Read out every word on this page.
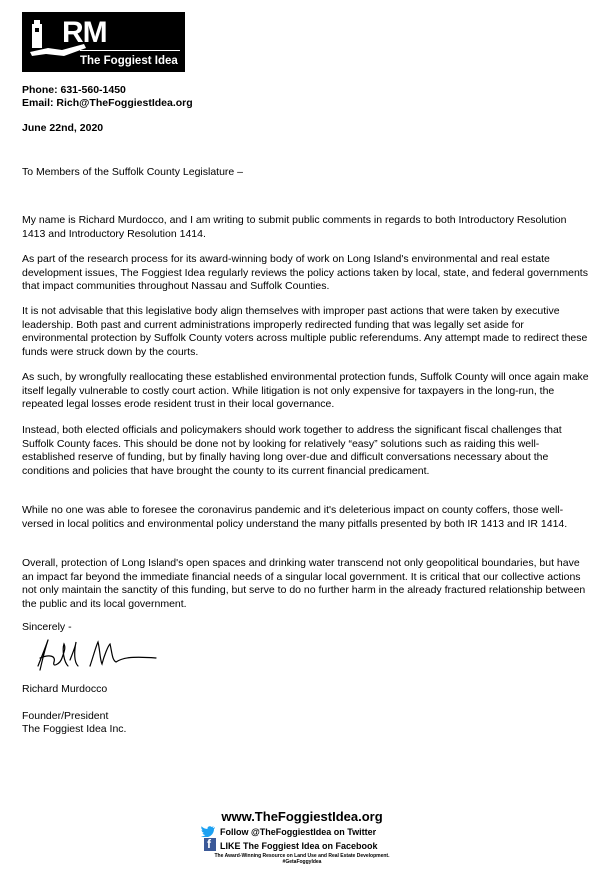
RM
The Foggiest Idea
Phone: 631-560-1450
Email: Rich@TheFoggiestIdea.org
June 22nd, 2020
To Members of the Suffolk County Legislature –
My name is Richard Murdocco, and I am writing to submit public comments in regards to both Introductory Resolution 1413 and Introductory Resolution 1414.
As part of the research process for its award-winning body of work on Long Island's environmental and real estate development issues, The Foggiest Idea regularly reviews the policy actions taken by local, state, and federal governments that impact communities throughout Nassau and Suffolk Counties.
It is not advisable that this legislative body align themselves with improper past actions that were taken by executive leadership. Both past and current administrations improperly redirected funding that was legally set aside for environmental protection by Suffolk County voters across multiple public referendums. Any attempt made to redirect these funds were struck down by the courts.
As such, by wrongfully reallocating these established environmental protection funds, Suffolk County will once again make itself legally vulnerable to costly court action. While litigation is not only expensive for taxpayers in the long-run, the repeated legal losses erode resident trust in their local governance.
Instead, both elected officials and policymakers should work together to address the significant fiscal challenges that Suffolk County faces. This should be done not by looking for relatively “easy” solutions such as raiding this well-established reserve of funding, but by finally having long over-due and difficult conversations necessary about the conditions and policies that have brought the county to its current financial predicament.
While no one was able to foresee the coronavirus pandemic and it's deleterious impact on county coffers, those well-versed in local politics and environmental policy understand the many pitfalls presented by both IR 1413 and IR 1414.
Overall, protection of Long Island's open spaces and drinking water transcend not only geopolitical boundaries, but have an impact far beyond the immediate financial needs of a singular local government. It is critical that our collective actions not only maintain the sanctity of this funding, but serve to do no further harm in the already fractured relationship between the public and its local government.
Sincerely -
Richard Murdocco
Founder/President
The Foggiest Idea Inc.
www.TheFoggiestIdea.org
Follow @TheFoggiestIdea on Twitter
f LIKE The Foggiest Idea on Facebook
The Award-Winning Resource on Land Use and Real Estate Development.
#GetaFoggyIdea
